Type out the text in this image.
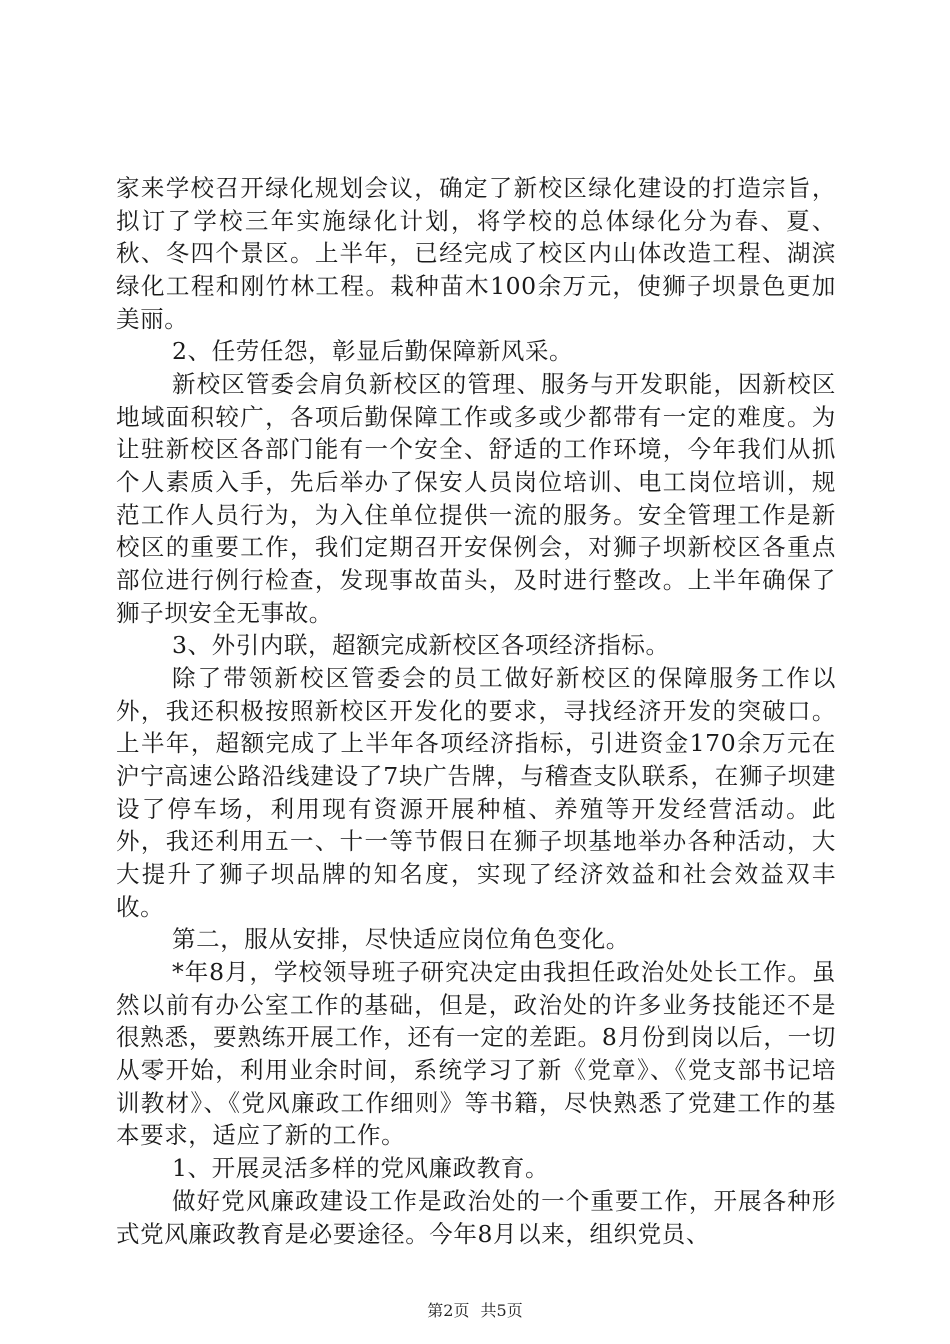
家来学校召开绿化规划会议，确定了新校区绿化建设的打造宗旨，拟订了学校三年实施绿化计划，将学校的总体绿化分为春、夏、秋、冬四个景区。上半年，已经完成了校区内山体改造工程、湖滨绿化工程和刚竹林工程。栽种苗木100余万元，使狮子坝景色更加美丽。

2、任劳任怨，彰显后勤保障新风采。

新校区管委会肩负新校区的管理、服务与开发职能，因新校区地域面积较广，各项后勤保障工作或多或少都带有一定的难度。为让驻新校区各部门能有一个安全、舒适的工作环境，今年我们从抓个人素质入手，先后举办了保安人员岗位培训、电工岗位培训，规范工作人员行为，为入住单位提供一流的服务。安全管理工作是新校区的重要工作，我们定期召开安保例会，对狮子坝新校区各重点部位进行例行检查，发现事故苗头，及时进行整改。上半年确保了狮子坝安全无事故。

3、外引内联，超额完成新校区各项经济指标。

除了带领新校区管委会的员工做好新校区的保障服务工作以外，我还积极按照新校区开发化的要求，寻找经济开发的突破口。上半年，超额完成了上半年各项经济指标，引进资金170余万元在沪宁高速公路沿线建设了7块广告牌，与稽查支队联系，在狮子坝建设了停车场，利用现有资源开展种植、养殖等开发经营活动。此外，我还利用五一、十一等节假日在狮子坝基地举办各种活动，大大提升了狮子坝品牌的知名度，实现了经济效益和社会效益双丰收。

第二，服从安排，尽快适应岗位角色变化。

*年8月，学校领导班子研究决定由我担任政治处处长工作。虽然以前有办公室工作的基础，但是，政治处的许多业务技能还不是很熟悉，要熟练开展工作，还有一定的差距。8月份到岗以后，一切从零开始，利用业余时间，系统学习了新《党章》、《党支部书记培训教材》、《党风廉政工作细则》等书籍，尽快熟悉了党建工作的基本要求，适应了新的工作。

1、开展灵活多样的党风廉政教育。

做好党风廉政建设工作是政治处的一个重要工作，开展各种形式党风廉政教育是必要途径。今年8月以来，组织党员、

第2页 共5页
